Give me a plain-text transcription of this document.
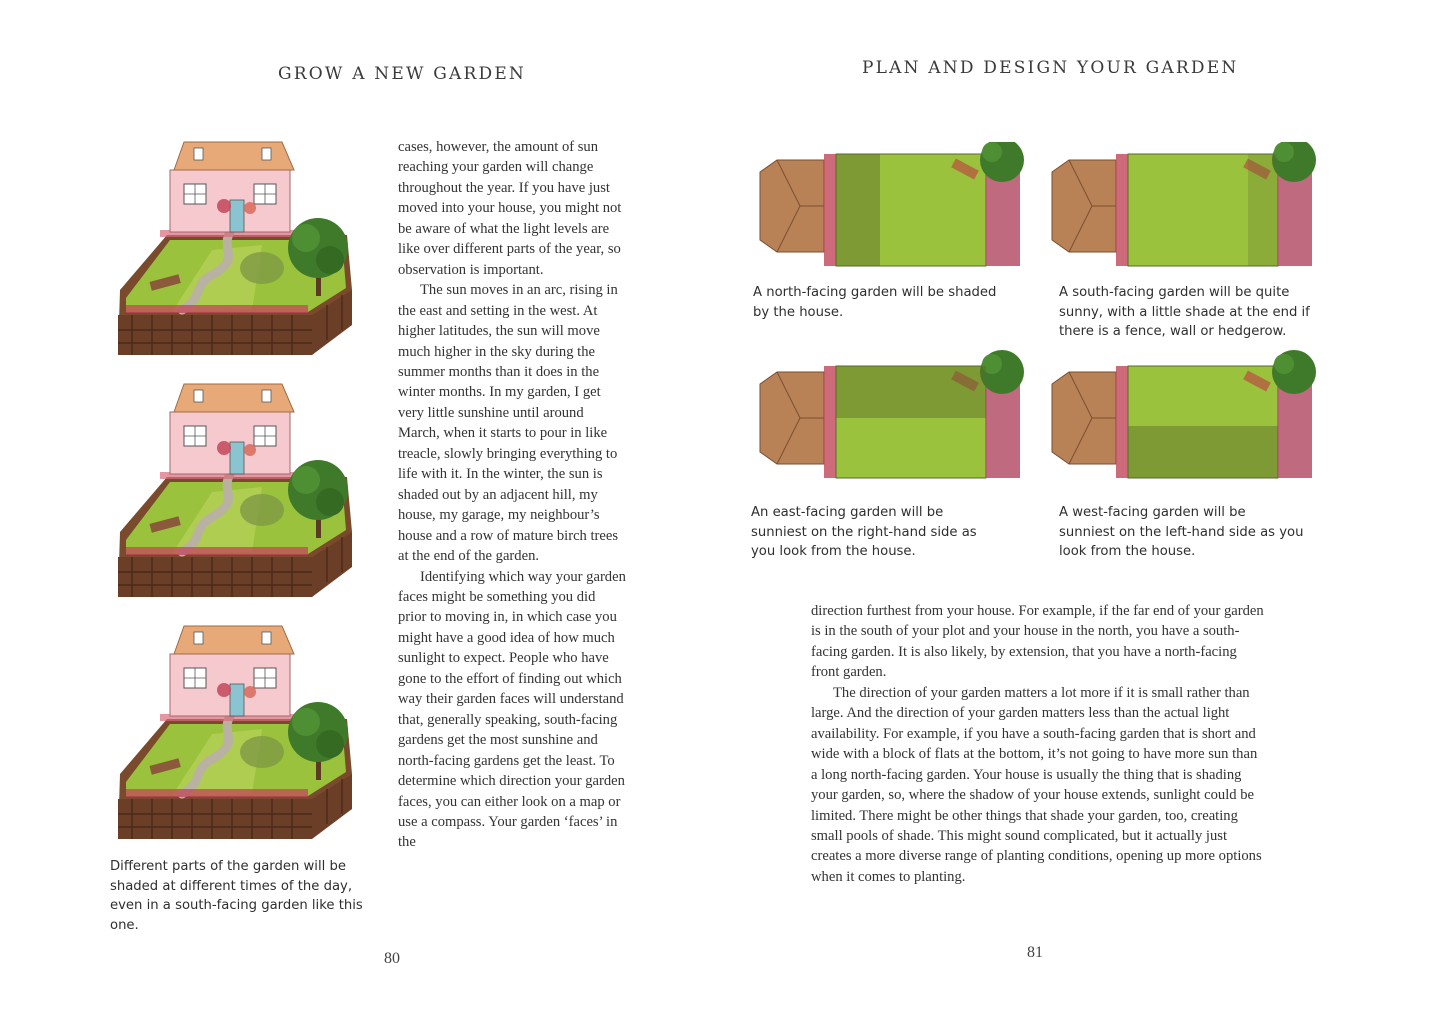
GROW A NEW GARDEN
Different parts of the garden will be shaded at different times of the day, even in a south-facing garden like this one.

cases, however, the amount of sun reaching your garden will change throughout the year. If you have just moved into your house, you might not be aware of what the light levels are like over different parts of the year, so observation is important.

The sun moves in an arc, rising in the east and setting in the west. At higher latitudes, the sun will move much higher in the sky during the summer months than it does in the winter months. In my garden, I get very little sunshine until around March, when it starts to pour in like treacle, slowly bringing everything to life with it. In the winter, the sun is shaded out by an adjacent hill, my house, my garage, my neighbour’s house and a row of mature birch trees at the end of the garden.

Identifying which way your garden faces might be something you did prior to moving in, in which case you might have a good idea of how much sunlight to expect. People who have gone to the effort of finding out which way their garden faces will understand that, generally speaking, south-facing gardens get the most sunshine and north-facing gardens get the least. To determine which direction your garden faces, you can either look on a map or use a compass. Your garden ‘faces’ in the

80
PLAN AND DESIGN YOUR GARDEN
A north-facing garden will be shaded by the house.
A south-facing garden will be quite sunny, with a little shade at the end if there is a fence, wall or hedgerow.
An east-facing garden will be sunniest on the right-hand side as you look from the house.
A west-facing garden will be sunniest on the left-hand side as you look from the house.

direction furthest from your house. For example, if the far end of your garden is in the south of your plot and your house in the north, you have a south-facing garden. It is also likely, by extension, that you have a north-facing front garden.

The direction of your garden matters a lot more if it is small rather than large. And the direction of your garden matters less than the actual light availability. For example, if you have a south-facing garden that is short and wide with a block of flats at the bottom, it’s not going to have more sun than a long north-facing garden. Your house is usually the thing that is shading your garden, so, where the shadow of your house extends, sunlight could be limited. There might be other things that shade your garden, too, creating small pools of shade. This might sound complicated, but it actually just creates a more diverse range of planting conditions, opening up more options when it comes to planting.

81
